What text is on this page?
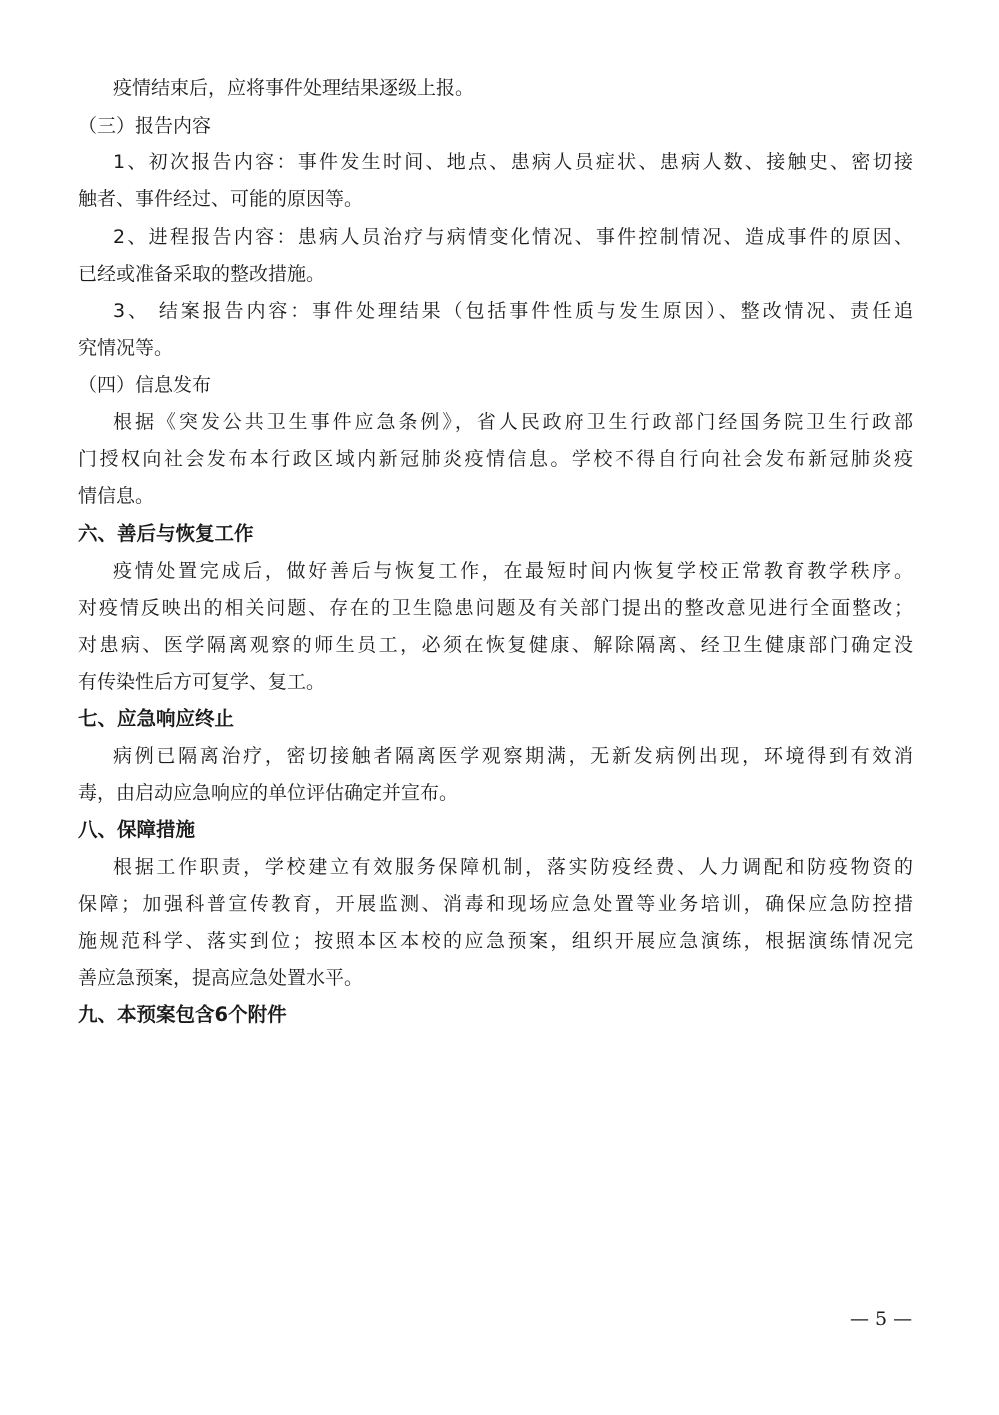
疫情结束后，应将事件处理结果逐级上报。
（三）报告内容
1、初次报告内容：事件发生时间、地点、患病人员症状、患病人数、接触史、密切接
触者、事件经过、可能的原因等。
2、进程报告内容：患病人员治疗与病情变化情况、事件控制情况、造成事件的原因、
已经或准备采取的整改措施。
3、 结案报告内容：事件处理结果（包括事件性质与发生原因）、整改情况、责任追
究情况等。
（四）信息发布
根据《突发公共卫生事件应急条例》，省人民政府卫生行政部门经国务院卫生行政部
门授权向社会发布本行政区域内新冠肺炎疫情信息。学校不得自行向社会发布新冠肺炎疫
情信息。
六、善后与恢复工作
疫情处置完成后，做好善后与恢复工作，在最短时间内恢复学校正常教育教学秩序。
对疫情反映出的相关问题、存在的卫生隐患问题及有关部门提出的整改意见进行全面整改；
对患病、医学隔离观察的师生员工，必须在恢复健康、解除隔离、经卫生健康部门确定没
有传染性后方可复学、复工。
七、应急响应终止
病例已隔离治疗，密切接触者隔离医学观察期满，无新发病例出现，环境得到有效消
毒，由启动应急响应的单位评估确定并宣布。
八、保障措施
根据工作职责，学校建立有效服务保障机制，落实防疫经费、人力调配和防疫物资的
保障；加强科普宣传教育，开展监测、消毒和现场应急处置等业务培训，确保应急防控措
施规范科学、落实到位；按照本区本校的应急预案，组织开展应急演练，根据演练情况完
善应急预案，提高应急处置水平。
九、本预案包含6个附件
— 5 —
